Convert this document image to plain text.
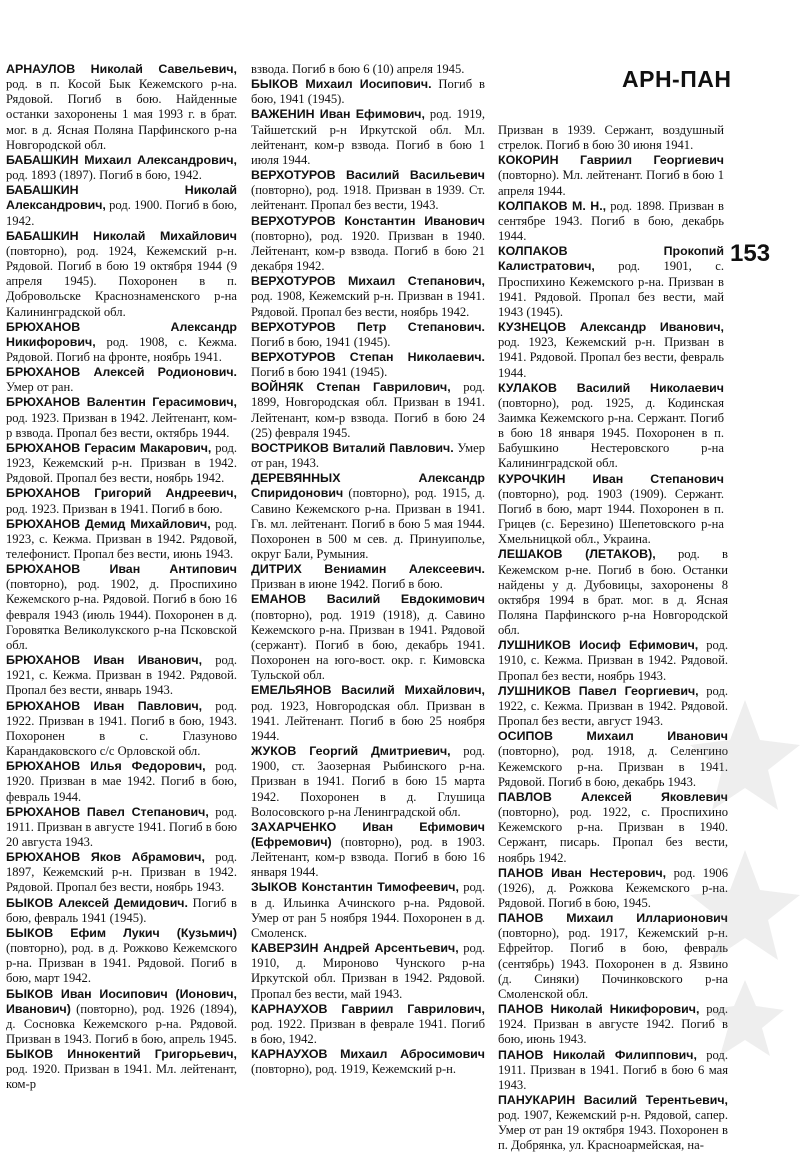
АРН-ПАН
153

АРНАУЛОВ Николай Савельевич, род. в п. Косой Бык Кежемского р-на. Рядовой. Погиб в бою. Найденные останки захоронены 1 мая 1993 г. в брат. мог. в д. Ясная Поляна Парфинского р-на Новгородской обл.

БАБАШКИН Михаил Александрович, род. 1893 (1897). Погиб в бою, 1942.

БАБАШКИН Николай Александрович, род. 1900. Погиб в бою, 1942.

БАБАШКИН Николай Михайлович (повторно), род. 1924, Кежемский р-н. Рядовой. Погиб в бою 19 октября 1944 (9 апреля 1945). Похоронен в п. Добровольске Краснознаменского р-на Калининградской обл.

БРЮХАНОВ Александр Никифорович, род. 1908, с. Кежма. Рядовой. Погиб на фронте, ноябрь 1941.

БРЮХАНОВ Алексей Родионович. Умер от ран.

БРЮХАНОВ Валентин Герасимович, род. 1923. Призван в 1942. Лейтенант, ком-р взвода. Пропал без вести, октябрь 1944.

БРЮХАНОВ Герасим Макарович, род. 1923, Кежемский р-н. Призван в 1942. Рядовой. Пропал без вести, ноябрь 1942.

БРЮХАНОВ Григорий Андреевич, род. 1923. Призван в 1941. Погиб в бою.

БРЮХАНОВ Демид Михайлович, род. 1923, с. Кежма. Призван в 1942. Рядовой, телефонист. Пропал без вести, июнь 1943.

БРЮХАНОВ Иван Антипович (повторно), род. 1902, д. Проспихино Кежемского р-на. Рядовой. Погиб в бою 16 февраля 1943 (июль 1944). Похоронен в д. Горовятка Великолукского р-на Псковской обл.

БРЮХАНОВ Иван Иванович, род. 1921, с. Кежма. Призван в 1942. Рядовой. Пропал без вести, январь 1943.

БРЮХАНОВ Иван Павлович, род. 1922. Призван в 1941. Погиб в бою, 1943. Похоронен в с. Глазуново Карандаковского с/с Орловской обл.

БРЮХАНОВ Илья Федорович, род. 1920. Призван в мае 1942. Погиб в бою, февраль 1944.

БРЮХАНОВ Павел Степанович, род. 1911. Призван в августе 1941. Погиб в бою 20 августа 1943.

БРЮХАНОВ Яков Абрамович, род. 1897, Кежемский р-н. Призван в 1942. Рядовой. Пропал без вести, ноябрь 1943.

БЫКОВ Алексей Демидович. Погиб в бою, февраль 1941 (1945).

БЫКОВ Ефим Лукич (Кузьмич) (повторно), род. в д. Рожково Кежемского р-на. Призван в 1941. Рядовой. Погиб в бою, март 1942.

БЫКОВ Иван Иосипович (Ионович, Иванович) (повторно), род. 1926 (1894), д. Сосновка Кежемского р-на. Рядовой. Призван в 1943. Погиб в бою, апрель 1945.

БЫКОВ Иннокентий Григорьевич, род. 1920. Призван в 1941. Мл. лейтенант, ком-р

взвода. Погиб в бою 6 (10) апреля 1945.

БЫКОВ Михаил Иосипович. Погиб в бою, 1941 (1945).

ВАЖЕНИН Иван Ефимович, род. 1919, Тайшетский р-н Иркутской обл. Мл. лейтенант, ком-р взвода. Погиб в бою 1 июля 1944.

ВЕРХОТУРОВ Василий Васильевич (повторно), род. 1918. Призван в 1939. Ст. лейтенант. Пропал без вести, 1943.

ВЕРХОТУРОВ Константин Иванович (повторно), род. 1920. Призван в 1940. Лейтенант, ком-р взвода. Погиб в бою 21 декабря 1942.

ВЕРХОТУРОВ Михаил Степанович, род. 1908, Кежемский р-н. Призван в 1941. Рядовой. Пропал без вести, ноябрь 1942.

ВЕРХОТУРОВ Петр Степанович. Погиб в бою, 1941 (1945).

ВЕРХОТУРОВ Степан Николаевич. Погиб в бою 1941 (1945).

ВОЙНЯК Степан Гаврилович, род. 1899, Новгородская обл. Призван в 1941. Лейтенант, ком-р взвода. Погиб в бою 24 (25) февраля 1945.

ВОСТРИКОВ Виталий Павлович. Умер от ран, 1943.

ДЕРЕВЯННЫХ Александр Спиридонович (повторно), род. 1915, д. Савино Кежемского р-на. Призван в 1941. Гв. мл. лейтенант. Погиб в бою 5 мая 1944. Похоронен в 500 м сев. д. Принуиполье, округ Бали, Румыния.

ДИТРИХ Вениамин Алексеевич. Призван в июне 1942. Погиб в бою.

ЕМАНОВ Василий Евдокимович (повторно), род. 1919 (1918), д. Савино Кежемского р-на. Призван в 1941. Рядовой (сержант). Погиб в бою, декабрь 1941. Похоронен на юго-вост. окр. г. Кимовска Тульской обл.

ЕМЕЛЬЯНОВ Василий Михайлович, род. 1923, Новгородская обл. Призван в 1941. Лейтенант. Погиб в бою 25 ноября 1944.

ЖУКОВ Георгий Дмитриевич, род. 1900, ст. Заозерная Рыбинского р-на. Призван в 1941. Погиб в бою 15 марта 1942. Похоронен в д. Глушица Волосовского р-на Ленинградской обл.

ЗАХАРЧЕНКО Иван Ефимович (Ефремович) (повторно), род. в 1903. Лейтенант, ком-р взвода. Погиб в бою 16 января 1944.

ЗЫКОВ Константин Тимофеевич, род. в д. Ильинка Ачинского р-на. Рядовой. Умер от ран 5 ноября 1944. Похоронен в д. Смоленск.

КАВЕРЗИН Андрей Арсентьевич, род. 1910, д. Мироново Чунского р-на Иркутской обл. Призван в 1942. Рядовой. Пропал без вести, май 1943.

КАРНАУХОВ Гавриил Гаврилович, род. 1922. Призван в феврале 1941. Погиб в бою, 1942.

КАРНАУХОВ Михаил Абросимович (повторно), род. 1919, Кежемский р-н.

Призван в 1939. Сержант, воздушный стрелок. Погиб в бою 30 июня 1941.

КОКОРИН Гавриил Георгиевич (повторно). Мл. лейтенант. Погиб в бою 1 апреля 1944.

КОЛПАКОВ М. Н., род. 1898. Призван в сентябре 1943. Погиб в бою, декабрь 1944.

КОЛПАКОВ Прокопий Калистратович, род. 1901, с. Проспихино Кежемского р-на. Призван в 1941. Рядовой. Пропал без вести, май 1943 (1945).

КУЗНЕЦОВ Александр Иванович, род. 1923, Кежемский р-н. Призван в 1941. Рядовой. Пропал без вести, февраль 1944.

КУЛАКОВ Василий Николаевич (повторно), род. 1925, д. Кодинская Заимка Кежемского р-на. Сержант. Погиб в бою 18 января 1945. Похоронен в п. Бабушкино Нестеровского р-на Калининградской обл.

КУРОЧКИН Иван Степанович (повторно), род. 1903 (1909). Сержант. Погиб в бою, март 1944. Похоронен в п. Грицев (с. Березино) Шепетовского р-на Хмельницкой обл., Украина.

ЛЕШАКОВ (ЛЕТАКОВ), род. в Кежемском р-не. Погиб в бою. Останки найдены у д. Дубовицы, захоронены 8 октября 1994 в брат. мог. в д. Ясная Поляна Парфинского р-на Новгородской обл.

ЛУШНИКОВ Иосиф Ефимович, род. 1910, с. Кежма. Призван в 1942. Рядовой. Пропал без вести, ноябрь 1943.

ЛУШНИКОВ Павел Георгиевич, род. 1922, с. Кежма. Призван в 1942. Рядовой. Пропал без вести, август 1943.

ОСИПОВ Михаил Иванович (повторно), род. 1918, д. Селенгино Кежемского р-на. Призван в 1941. Рядовой. Погиб в бою, декабрь 1943.

ПАВЛОВ Алексей Яковлевич (повторно), род. 1922, с. Проспихино Кежемского р-на. Призван в 1940. Сержант, писарь. Пропал без вести, ноябрь 1942.

ПАНОВ Иван Нестерович, род. 1906 (1926), д. Рожкова Кежемского р-на. Рядовой. Погиб в бою, 1945.

ПАНОВ Михаил Илларионович (повторно), род. 1917, Кежемский р-н. Ефрейтор. Погиб в бою, февраль (сентябрь) 1943. Похоронен в д. Язвино (д. Синяки) Починковского р-на Смоленской обл.

ПАНОВ Николай Никифорович, род. 1924. Призван в августе 1942. Погиб в бою, июнь 1943.

ПАНОВ Николай Филиппович, род. 1911. Призван в 1941. Погиб в бою 6 мая 1943.

ПАНУКАРИН Василий Терентьевич, род. 1907, Кежемский р-н. Рядовой, сапер. Умер от ран 19 октября 1943. Похоронен в п. Добрянка, ул. Красноармейская, на-
